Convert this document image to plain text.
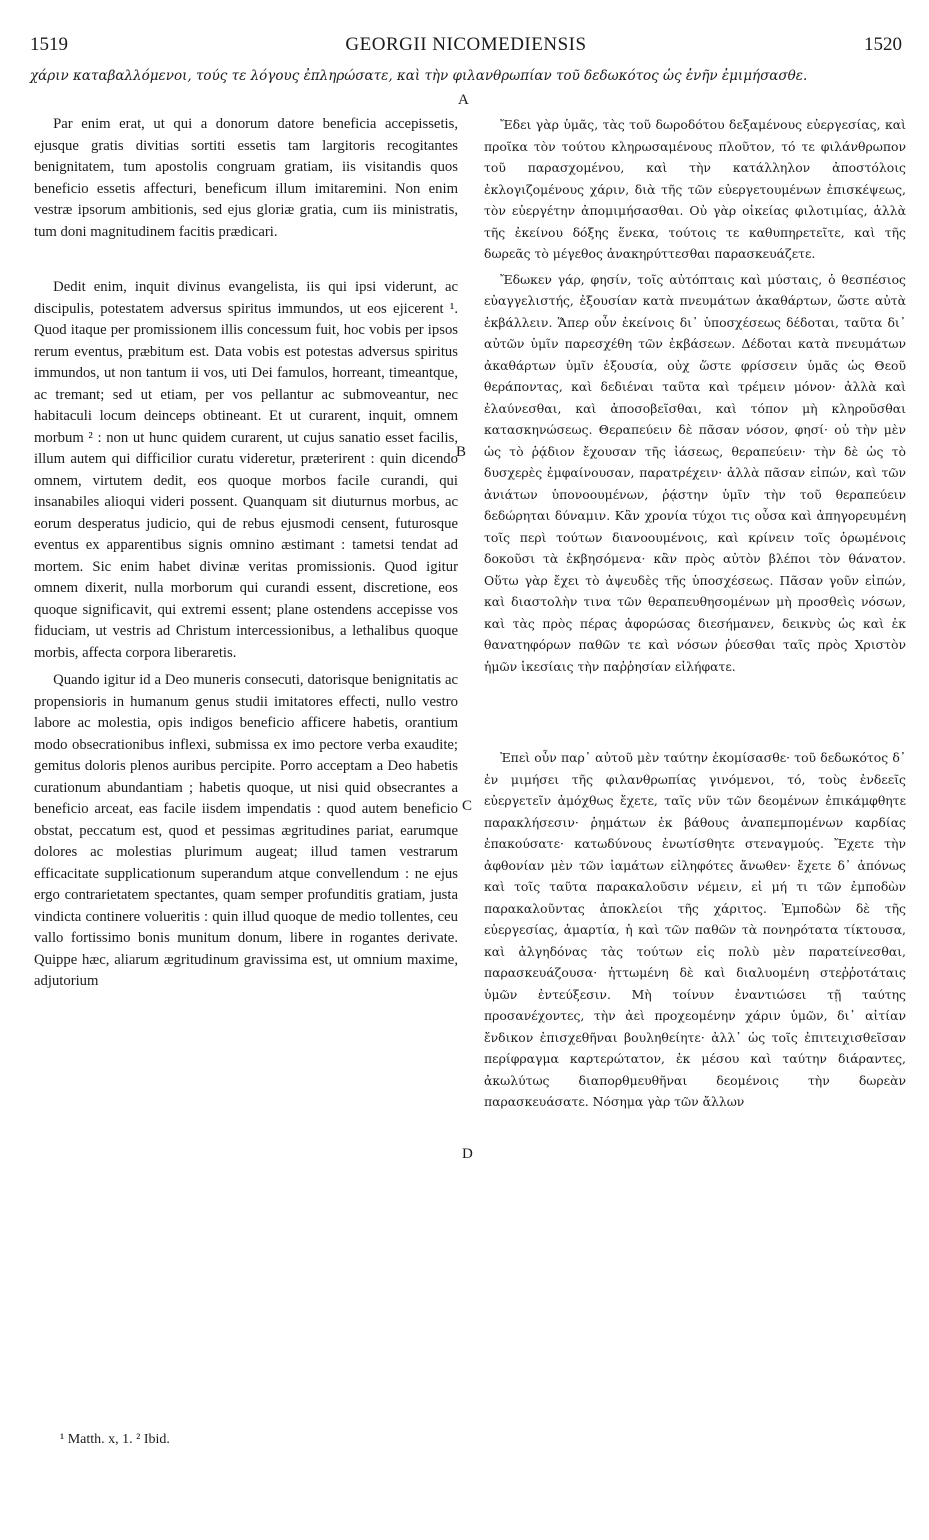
1519	GEORGII NICOMEDIENSIS	1520
χάριν καταβαλλόμενοι, τούς τε λόγους ἐπληρώσατε, καὶ τὴν φιλανθρωπίαν τοῦ δεδωκότος ὡς ἐνῆν ἐμιμήσασθε.
A
B
C
D

Par enim erat, ut qui a donorum datore beneficia accepissetis, ejusque gratis divitias sortiti essetis tam largitoris recogitantes benignitatem, tum apostolis congruam gratiam, iis visitandis quos beneficio essetis affecturi, beneficum illum imitaremini. Non enim vestræ ipsorum ambitionis, sed ejus gloriæ gratia, cum iis ministratis, tum doni magnitudinem facitis prædicari.

Dedit enim, inquit divinus evangelista, iis qui ipsi viderunt, ac discipulis, potestatem adversus spiritus immundos, ut eos ejicerent ¹. Quod itaque per promissionem illis concessum fuit, hoc vobis per ipsos rerum eventus, præbitum est. Data vobis est potestas adversus spiritus immundos, ut non tantum ii vos, uti Dei famulos, horreant, timeantque, ac tremant; sed ut etiam, per vos pellantur ac submoveantur, nec habitaculi locum deinceps obtineant. Et ut curarent, inquit, omnem morbum ² : non ut hunc quidem curarent, ut cujus sanatio esset facilis, illum autem qui difficilior curatu videretur, præterirent : quin dicendo omnem, virtutem dedit, eos quoque morbos facile curandi, qui insanabiles alioqui videri possent. Quanquam sit diuturnus morbus, ac eorum desperatus judicio, qui de rebus ejusmodi censent, futurosque eventus ex apparentibus signis omnino æstimant : tametsi tendat ad mortem. Sic enim habet divinæ veritas promissionis. Quod igitur omnem dixerit, nulla morborum qui curandi essent, discretione, eos quoque significavit, qui extremi essent; plane ostendens accepisse vos fiduciam, ut vestris ad Christum intercessionibus, a lethalibus quoque morbis, affecta corpora liberaretis.

Quando igitur id a Deo muneris consecuti, datorisque benignitatis ac propensioris in humanum genus studii imitatores effecti, nullo vestro labore ac molestia, opis indigos beneficio afficere habetis, orantium modo obsecrationibus inflexi, submissa ex imo pectore verba exaudite; gemitus doloris plenos auribus percipite. Porro acceptam a Deo habetis curationum abundantiam ; habetis quoque, ut nisi quid obsecrantes a beneficio arceat, eas facile iisdem impendatis : quod autem beneficio obstat, peccatum est, quod et pessimas ægritudines pariat, earumque dolores ac molestias plurimum augeat; illud tamen vestrarum efficacitate supplicationum superandum atque convellendum : ne ejus ergo contrarietatem spectantes, quam semper profunditis gratiam, justa vindicta continere volueritis : quin illud quoque de medio tollentes, ceu vallo fortissimo bonis munitum donum, libere in rogantes derivate. Quippe hæc, aliarum ægritudinum gravissima est, ut omnium maxime, adjutorium

Ἔδει γὰρ ὑμᾶς, τὰς τοῦ δωροδότου δεξαμένους εὐεργεσίας, καὶ προῖκα τὸν τούτου κληρωσαμένους πλοῦτον, τό τε φιλάνθρωπον τοῦ παρασχομένου, καὶ τὴν κατάλληλον ἀποστόλοις ἐκλογιζομένους χάριν, διὰ τῆς τῶν εὐεργετουμένων ἐπισκέψεως, τὸν εὐεργέτην ἀπομιμήσασθαι. Οὐ γὰρ οἰκείας φιλοτιμίας, ἀλλὰ τῆς ἐκείνου δόξης ἕνεκα, τούτοις τε καθυπηρετεῖτε, καὶ τῆς δωρεᾶς τὸ μέγεθος ἀνακηρύττεσθαι παρασκευάζετε.

Ἔδωκεν γάρ, φησίν, τοῖς αὐτόπταις καὶ μύσταις, ὁ θεσπέσιος εὐαγγελιστής, ἐξουσίαν κατὰ πνευμάτων ἀκαθάρτων, ὥστε αὐτὰ ἐκβάλλειν. Ἅπερ οὖν ἐκείνοις δι᾽ ὑποσχέσεως δέδοται, ταῦτα δι᾽ αὐτῶν ὑμῖν παρεσχέθη τῶν ἐκβάσεων. Δέδοται κατὰ πνευμάτων ἀκαθάρτων ὑμῖν ἐξουσία, οὐχ ὥστε φρίσσειν ὑμᾶς ὡς Θεοῦ θεράποντας, καὶ δεδιέναι ταῦτα καὶ τρέμειν μόνον· ἀλλὰ καὶ ἐλαύνεσθαι, καὶ ἀποσοβεῖσθαι, καὶ τόπον μὴ κληροῦσθαι κατασκηνώσεως. Θεραπεύειν δὲ πᾶσαν νόσον, φησί· οὐ τὴν μὲν ὡς τὸ ῥᾴδιον ἔχουσαν τῆς ἰάσεως, θεραπεύειν· τὴν δὲ ὡς τὸ δυσχερὲς ἐμφαίνουσαν, παρατρέχειν· ἀλλὰ πᾶσαν εἰπών, καὶ τῶν ἀνιάτων ὑπονοουμένων, ῥᾴστην ὑμῖν τὴν τοῦ θεραπεύειν δεδώρηται δύναμιν. Κἂν χρονία τύχοι τις οὖσα καὶ ἀπηγορευμένη τοῖς περὶ τούτων διανοουμένοις, καὶ κρίνειν τοῖς ὁρωμένοις δοκοῦσι τὰ ἐκβησόμενα· κἂν πρὸς αὐτὸν βλέποι τὸν θάνατον. Οὕτω γὰρ ἔχει τὸ ἀψευδὲς τῆς ὑποσχέσεως. Πᾶσαν γοῦν εἰπών, καὶ διαστολὴν τινα τῶν θεραπευθησομένων μὴ προσθεὶς νόσων, καὶ τὰς πρὸς πέρας ἀφορώσας διεσήμανεν, δεικνὺς ὡς καὶ ἐκ θανατηφόρων παθῶν τε καὶ νόσων ῥύεσθαι ταῖς πρὸς Χριστὸν ἡμῶν ἱκεσίαις τὴν παῤῥησίαν εἰλήφατε.

Ἐπεὶ οὖν παρ᾽ αὐτοῦ μὲν ταύτην ἐκομίσασθε· τοῦ δεδωκότος δ᾽ ἐν μιμήσει τῆς φιλανθρωπίας γινόμενοι, τό, τοὺς ἐνδεεῖς εὐεργετεῖν ἀμόχθως ἔχετε, ταῖς νῦν τῶν δεομένων ἐπικάμφθητε παρακλήσεσιν· ῥημάτων ἐκ βάθους ἀναπεμπομένων καρδίας ἐπακούσατε· κατωδύνους ἐνωτίσθητε στεναγμούς. Ἔχετε τὴν ἀφθονίαν μὲν τῶν ἰαμάτων εἰληφότες ἄνωθεν· ἔχετε δ᾽ ἀπόνως καὶ τοῖς ταῦτα παρακαλοῦσιν νέμειν, εἰ μή τι τῶν ἐμποδὼν παρακαλοῦντας ἀποκλείοι τῆς χάριτος. Ἐμποδὼν δὲ τῆς εὐεργεσίας, ἁμαρτία, ἡ καὶ τῶν παθῶν τὰ πονηρότατα τίκτουσα, καὶ ἀλγηδόνας τὰς τούτων εἰς πολὺ μὲν παρατείνεσθαι, παρασκευάζουσα· ἡττωμένη δὲ καὶ διαλυομένη στεῤῥοτάταις ὑμῶν ἐντεύξεσιν. Μὴ τοίνυν ἐναντιώσει τῇ ταύτης προσανέχοντες, τὴν ἀεὶ προχεομένην χάριν ὑμῶν, δι᾽ αἰτίαν ἔνδικον ἐπισχεθῆναι βουληθείητε· ἀλλ᾽ ὡς τοῖς ἐπιτειχισθεῖσαν περίφραγμα καρτερώτατον, ἐκ μέσου καὶ ταύτην διάραντες, ἀκωλύτως διαπορθμευθῆναι δεομένοις τὴν δωρεὰν παρασκευάσατε. Νόσημα γὰρ τῶν ἄλλων

¹ Matth. x, 1. ² Ibid.
